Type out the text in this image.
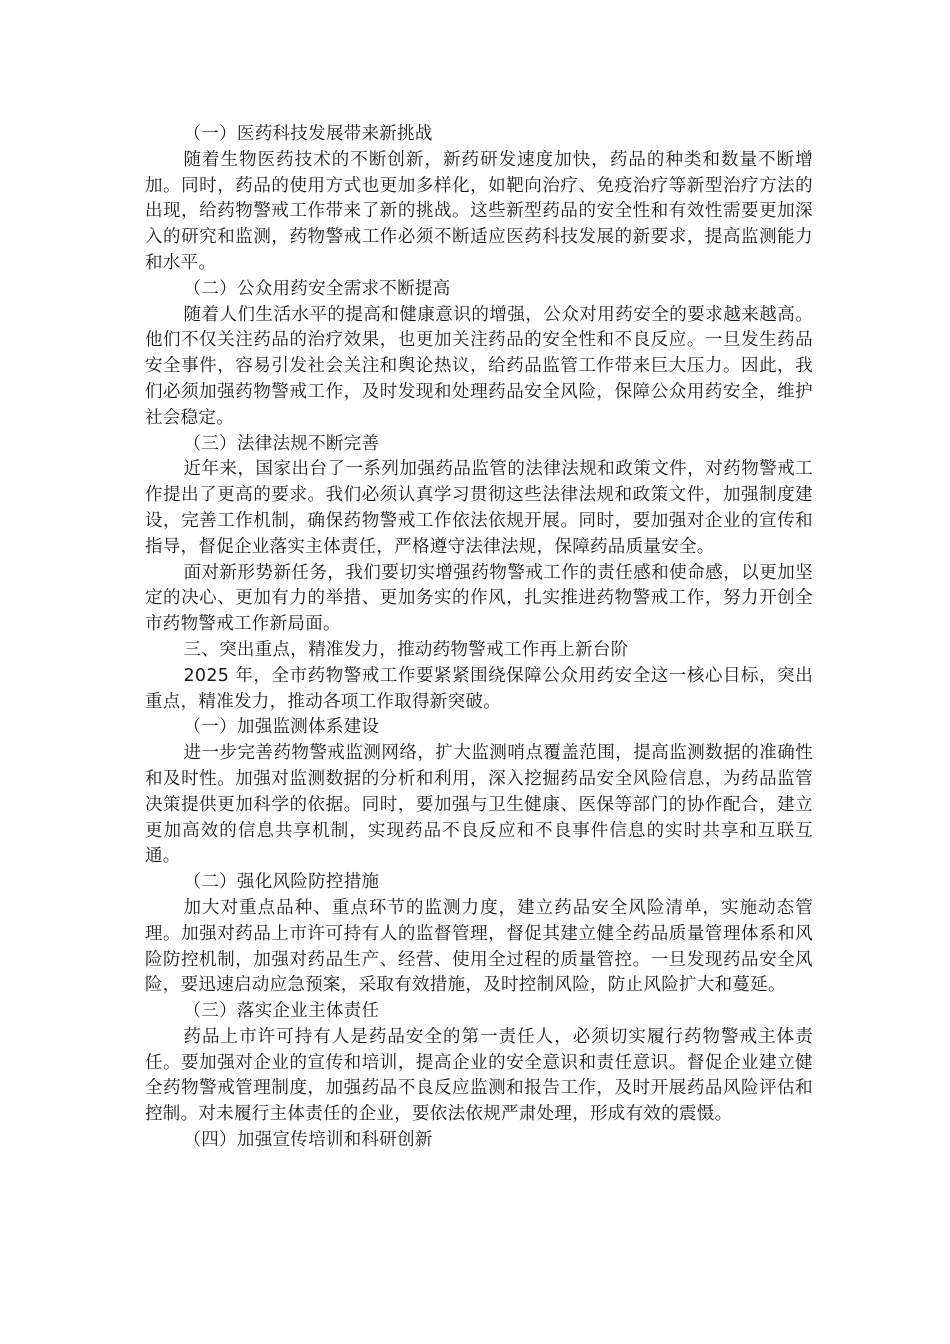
（一）医药科技发展带来新挑战

随着生物医药技术的不断创新，新药研发速度加快，药品的种类和数量不断增加。同时，药品的使用方式也更加多样化，如靶向治疗、免疫治疗等新型治疗方法的出现，给药物警戒工作带来了新的挑战。这些新型药品的安全性和有效性需要更加深入的研究和监测，药物警戒工作必须不断适应医药科技发展的新要求，提高监测能力和水平。

（二）公众用药安全需求不断提高

随着人们生活水平的提高和健康意识的增强，公众对用药安全的要求越来越高。他们不仅关注药品的治疗效果，也更加关注药品的安全性和不良反应。一旦发生药品安全事件，容易引发社会关注和舆论热议，给药品监管工作带来巨大压力。因此，我们必须加强药物警戒工作，及时发现和处理药品安全风险，保障公众用药安全，维护社会稳定。

（三）法律法规不断完善

近年来，国家出台了一系列加强药品监管的法律法规和政策文件，对药物警戒工作提出了更高的要求。我们必须认真学习贯彻这些法律法规和政策文件，加强制度建设，完善工作机制，确保药物警戒工作依法依规开展。同时，要加强对企业的宣传和指导，督促企业落实主体责任，严格遵守法律法规，保障药品质量安全。

面对新形势新任务，我们要切实增强药物警戒工作的责任感和使命感，以更加坚定的决心、更加有力的举措、更加务实的作风，扎实推进药物警戒工作，努力开创全市药物警戒工作新局面。

三、突出重点，精准发力，推动药物警戒工作再上新台阶

2025 年，全市药物警戒工作要紧紧围绕保障公众用药安全这一核心目标，突出重点，精准发力，推动各项工作取得新突破。

（一）加强监测体系建设

进一步完善药物警戒监测网络，扩大监测哨点覆盖范围，提高监测数据的准确性和及时性。加强对监测数据的分析和利用，深入挖掘药品安全风险信息，为药品监管决策提供更加科学的依据。同时，要加强与卫生健康、医保等部门的协作配合，建立更加高效的信息共享机制，实现药品不良反应和不良事件信息的实时共享和互联互通。

（二）强化风险防控措施

加大对重点品种、重点环节的监测力度，建立药品安全风险清单，实施动态管理。加强对药品上市许可持有人的监督管理，督促其建立健全药品质量管理体系和风险防控机制，加强对药品生产、经营、使用全过程的质量管控。一旦发现药品安全风险，要迅速启动应急预案，采取有效措施，及时控制风险，防止风险扩大和蔓延。

（三）落实企业主体责任

药品上市许可持有人是药品安全的第一责任人，必须切实履行药物警戒主体责任。要加强对企业的宣传和培训，提高企业的安全意识和责任意识。督促企业建立健全药物警戒管理制度，加强药品不良反应监测和报告工作，及时开展药品风险评估和控制。对未履行主体责任的企业，要依法依规严肃处理，形成有效的震慑。

（四）加强宣传培训和科研创新
